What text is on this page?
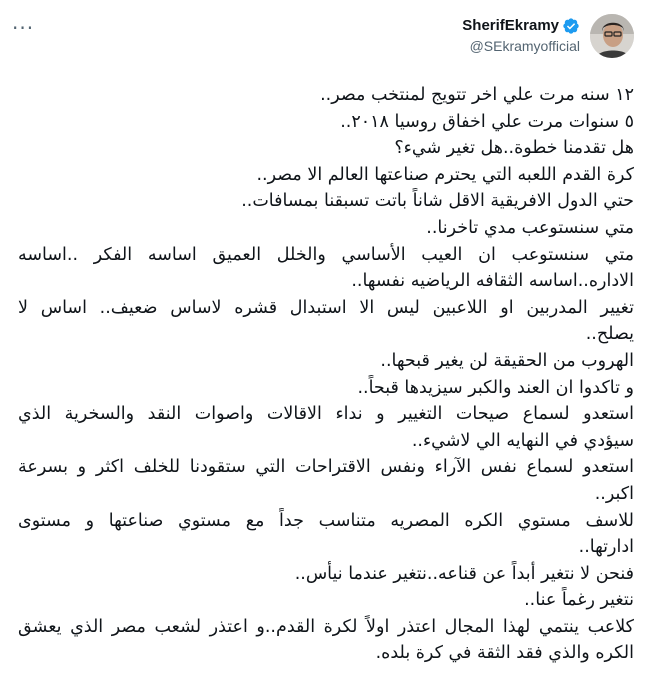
···	SherifEkramy
@SEkramyofficial
١٢ سنه مرت علي اخر تتويج لمنتخب مصر..
٥ سنوات مرت علي اخفاق روسيا ٢٠١٨..
هل تقدمنا خطوة..هل تغير شيء؟
كرة القدم اللعبه التي يحترم صناعتها العالم الا مصر..
حتي الدول الافريقية الاقل شاناً باتت تسبقنا بمسافات..
متي سنستوعب مدي تاخرنا..
متي سنستوعب ان العيب الأساسي والخلل العميق اساسه الفكر ..اساسه
الاداره..اساسه الثقافه الرياضيه نفسها..
تغيير المدربين او اللاعبين ليس الا استبدال قشره لاساس ضعيف.. اساس لا
يصلح..
الهروب من الحقيقة لن يغير قبحها..
و تاكدوا ان العند والكبر سيزيدها قبحاً..
استعدو لسماع صيحات التغيير و نداء الاقالات واصوات النقد والسخرية الذي
سيؤدي في النهايه الي لاشيء..
استعدو لسماع نفس الآراء ونفس الاقتراحات التي ستقودنا للخلف اكثر و بسرعة
اكبر..
للاسف مستوي الكره المصريه متناسب جداً مع مستوي صناعتها و مستوى
ادارتها..
فنحن لا نتغير أبداً عن قناعه..نتغير عندما نيأس..
نتغير رغماً عنا..
كلاعب ينتمي لهذا المجال اعتذر اولاً لكرة القدم..و اعتذر لشعب مصر الذي يعشق
الكره والذي فقد الثقة في كرة بلده.
